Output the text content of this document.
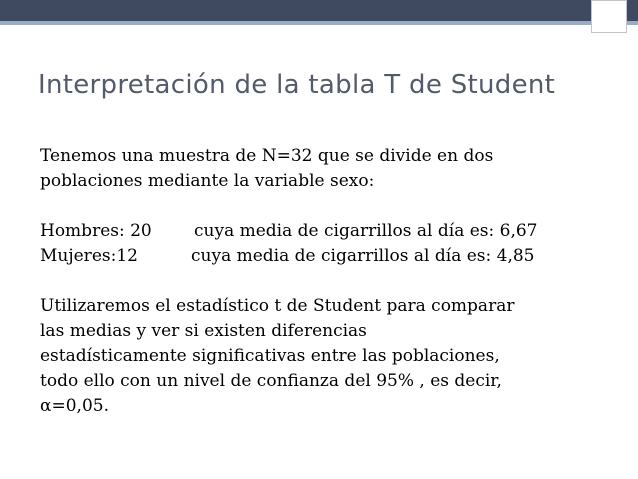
Interpretación de la tabla T de Student

Tenemos una muestra de N=32 que se divide en dos

poblaciones mediante la variable sexo:

Hombres: 20 cuya media de cigarrillos al día es: 6,67

Mujeres:12	cuya media de cigarrillos al día es: 4,85

Utilizaremos el estadístico t de Student para comparar

las medias y ver si existen diferencias

estadísticamente significativas entre las poblaciones,

todo ello con un nivel de confianza del 95% , es decir,

α=0,05.
